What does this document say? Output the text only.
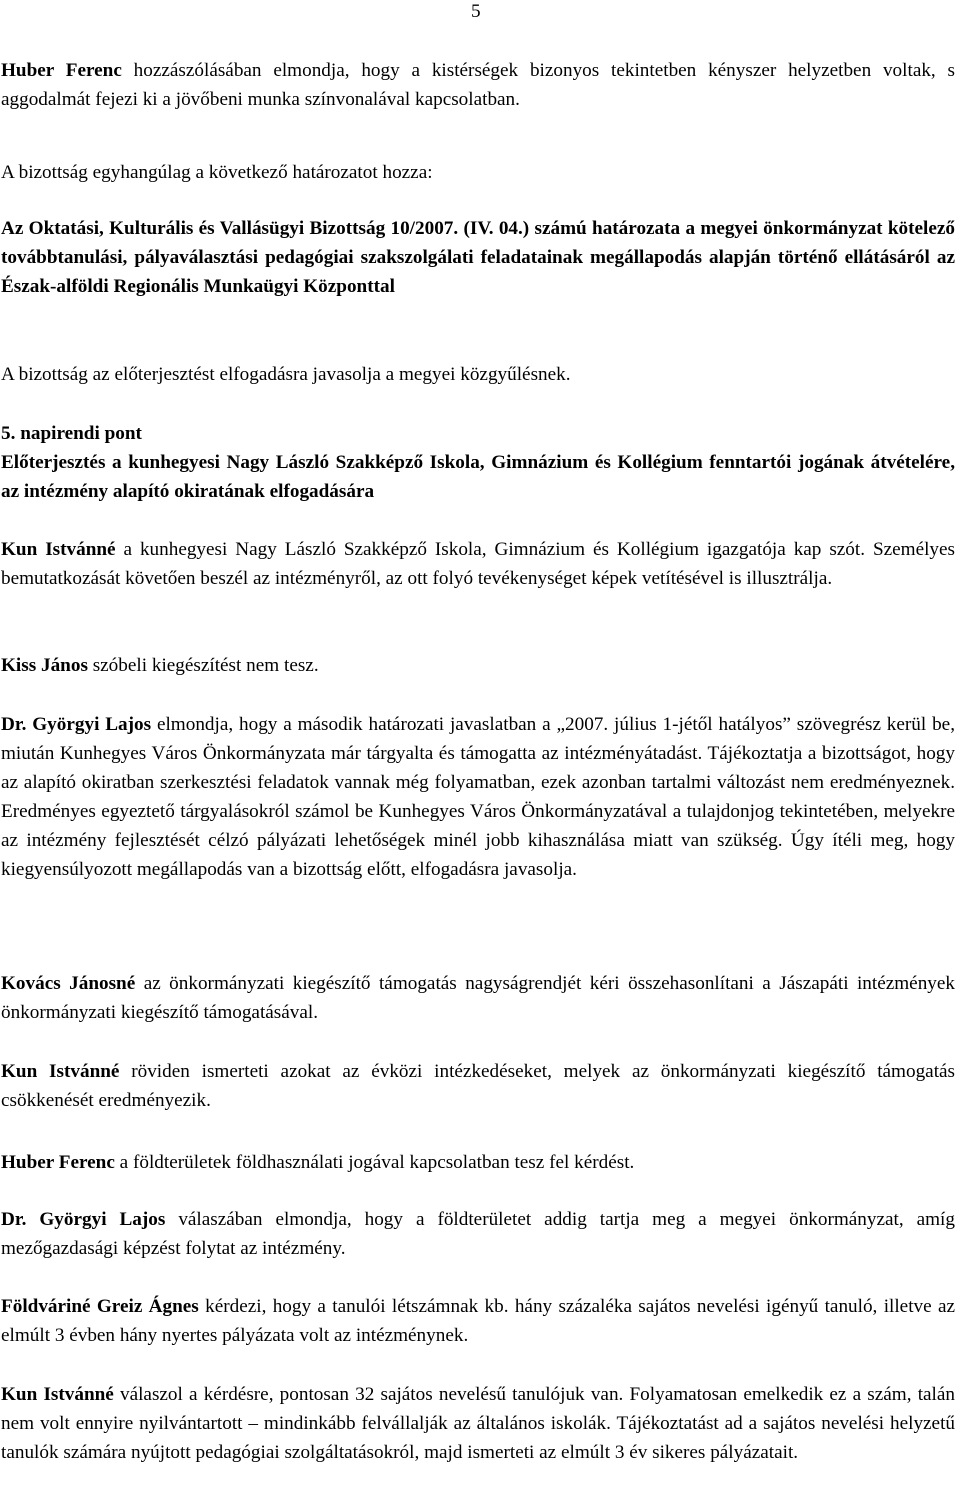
5

Huber Ferenc hozzászólásában elmondja, hogy a kistérségek bizonyos tekintetben kényszer helyzetben voltak, s aggodalmát fejezi ki a jövőbeni munka színvonalával kapcsolatban.

A bizottság egyhangúlag a következő határozatot hozza:

Az Oktatási, Kulturális és Vallásügyi Bizottság 10/2007. (IV. 04.) számú határozata a megyei önkormányzat kötelező továbbtanulási, pályaválasztási pedagógiai szakszolgálati feladatainak megállapodás alapján történő ellátásáról az Észak-alföldi Regionális Munkaügyi Központtal

A bizottság az előterjesztést elfogadásra javasolja a megyei közgyűlésnek.

5. napirendi pont

Előterjesztés a kunhegyesi Nagy László Szakképző Iskola, Gimnázium és Kollégium fenntartói jogának átvételére, az intézmény alapító okiratának elfogadására

Kun Istvánné a kunhegyesi Nagy László Szakképző Iskola, Gimnázium és Kollégium igazgatója kap szót. Személyes bemutatkozását követően beszél az intézményről, az ott folyó tevékenységet képek vetítésével is illusztrálja.

Kiss János szóbeli kiegészítést nem tesz.

Dr. Györgyi Lajos elmondja, hogy a második határozati javaslatban a „2007. július 1-jétől hatályos” szövegrész kerül be, miután Kunhegyes Város Önkormányzata már tárgyalta és támogatta az intézményátadást. Tájékoztatja a bizottságot, hogy az alapító okiratban szerkesztési feladatok vannak még folyamatban, ezek azonban tartalmi változást nem eredményeznek. Eredményes egyeztető tárgyalásokról számol be Kunhegyes Város Önkormányzatával a tulajdonjog tekintetében, melyekre az intézmény fejlesztését célzó pályázati lehetőségek minél jobb kihasználása miatt van szükség. Úgy ítéli meg, hogy kiegyensúlyozott megállapodás van a bizottság előtt, elfogadásra javasolja.

Kovács Jánosné az önkormányzati kiegészítő támogatás nagyságrendjét kéri összehasonlítani a Jászapáti intézmények önkormányzati kiegészítő támogatásával.

Kun Istvánné röviden ismerteti azokat az évközi intézkedéseket, melyek az önkormányzati kiegészítő támogatás csökkenését eredményezik.

Huber Ferenc a földterületek földhasználati jogával kapcsolatban tesz fel kérdést.

Dr. Györgyi Lajos válaszában elmondja, hogy a földterületet addig tartja meg a megyei önkormányzat, amíg mezőgazdasági képzést folytat az intézmény.

Földváriné Greiz Ágnes kérdezi, hogy a tanulói létszámnak kb. hány százaléka sajátos nevelési igényű tanuló, illetve az elmúlt 3 évben hány nyertes pályázata volt az intézménynek.

Kun Istvánné válaszol a kérdésre, pontosan 32 sajátos nevelésű tanulójuk van. Folyamatosan emelkedik ez a szám, talán nem volt ennyire nyilvántartott – mindinkább felvállalják az általános iskolák. Tájékoztatást ad a sajátos nevelési helyzetű tanulók számára nyújtott pedagógiai szolgáltatásokról, majd ismerteti az elmúlt 3 év sikeres pályázatait.
